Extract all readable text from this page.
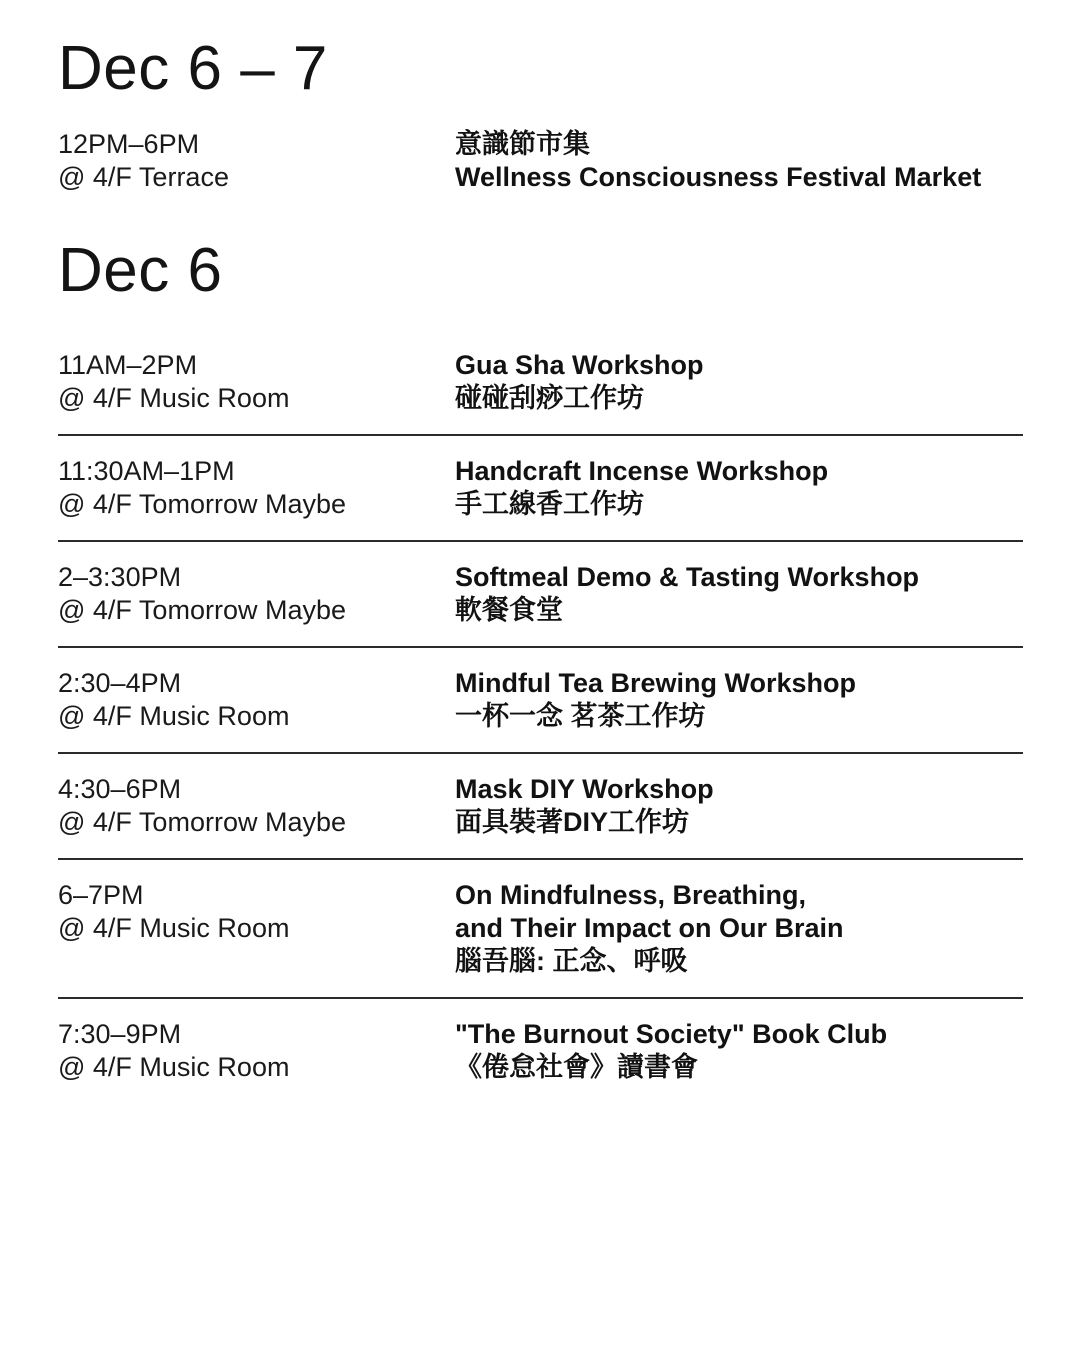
Dec 6 – 7
12PM–6PM
@ 4/F Terrace
意識節市集
Wellness Consciousness Festival Market
Dec 6
11AM–2PM
@ 4/F Music Room
Gua Sha Workshop
碰碰刮痧工作坊
11:30AM–1PM
@ 4/F Tomorrow Maybe
Handcraft Incense Workshop
手工線香工作坊
2–3:30PM
@ 4/F Tomorrow Maybe
Softmeal Demo & Tasting Workshop
軟餐食堂
2:30–4PM
@ 4/F Music Room
Mindful Tea Brewing Workshop
一杯一念 茗茶工作坊
4:30–6PM
@ 4/F Tomorrow Maybe
Mask DIY Workshop
面具裝著DIY工作坊
6–7PM
@ 4/F Music Room
On Mindfulness, Breathing,
and Their Impact on Our Brain
腦吾腦: 正念、呼吸
7:30–9PM
@ 4/F Music Room
"The Burnout Society" Book Club
《倦怠社會》讀書會
